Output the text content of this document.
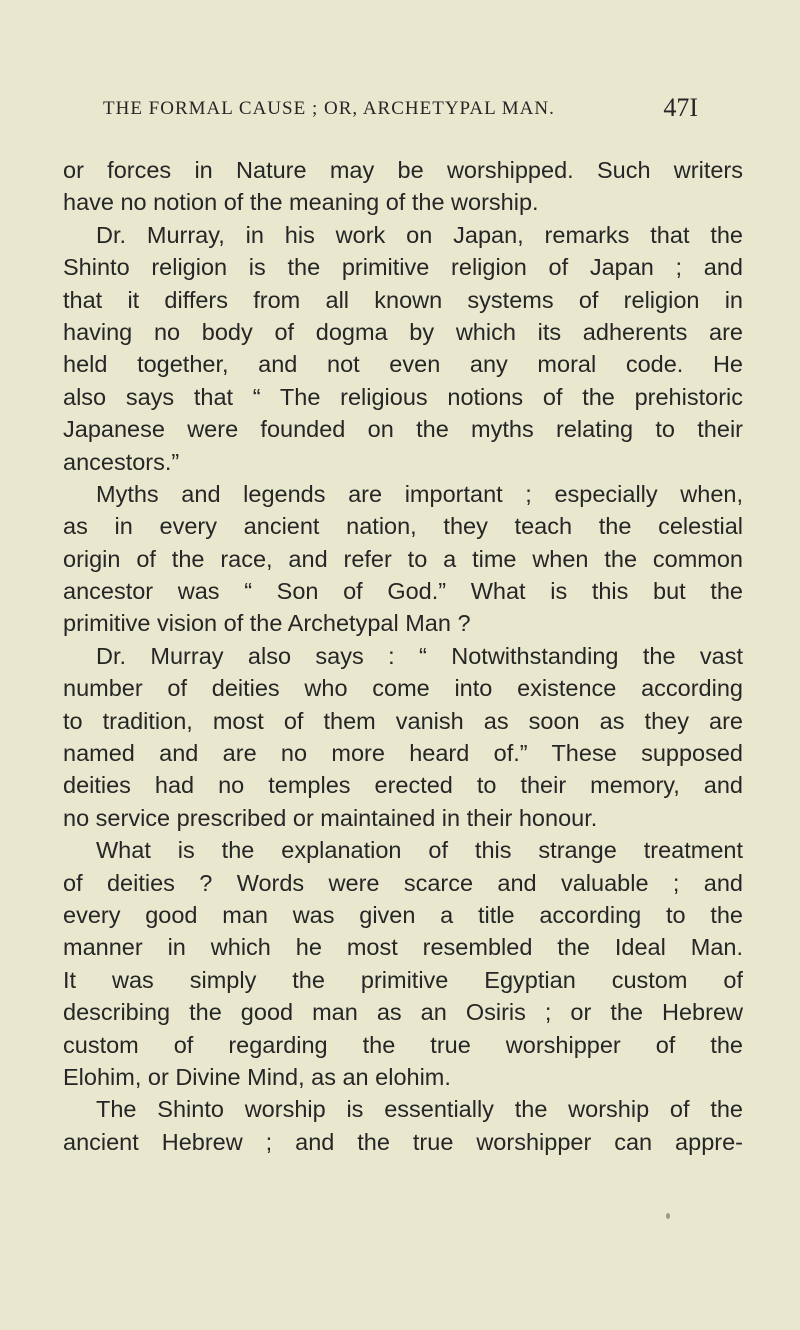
THE FORMAL CAUSE ; OR, ARCHETYPAL MAN.	47I
or forces in Nature may be worshipped. Such writers
have no notion of the meaning of the worship.
Dr. Murray, in his work on Japan, remarks that the
Shinto religion is the primitive religion of Japan ; and
that it differs from all known systems of religion in
having no body of dogma by which its adherents are
held together, and not even any moral code. He
also says that “ The religious notions of the prehistoric
Japanese were founded on the myths relating to their
ancestors.”
Myths and legends are important ; especially when,
as in every ancient nation, they teach the celestial
origin of the race, and refer to a time when the common
ancestor was “ Son of God.” What is this but the
primitive vision of the Archetypal Man ?
Dr. Murray also says : “ Notwithstanding the vast
number of deities who come into existence according
to tradition, most of them vanish as soon as they are
named and are no more heard of.” These supposed
deities had no temples erected to their memory, and
no service prescribed or maintained in their honour.
What is the explanation of this strange treatment
of deities ? Words were scarce and valuable ; and
every good man was given a title according to the
manner in which he most resembled the Ideal Man.
It was simply the primitive Egyptian custom of
describing the good man as an Osiris ; or the Hebrew
custom of regarding the true worshipper of the
Elohim, or Divine Mind, as an elohim.
The Shinto worship is essentially the worship of the
ancient Hebrew ; and the true worshipper can appre-
